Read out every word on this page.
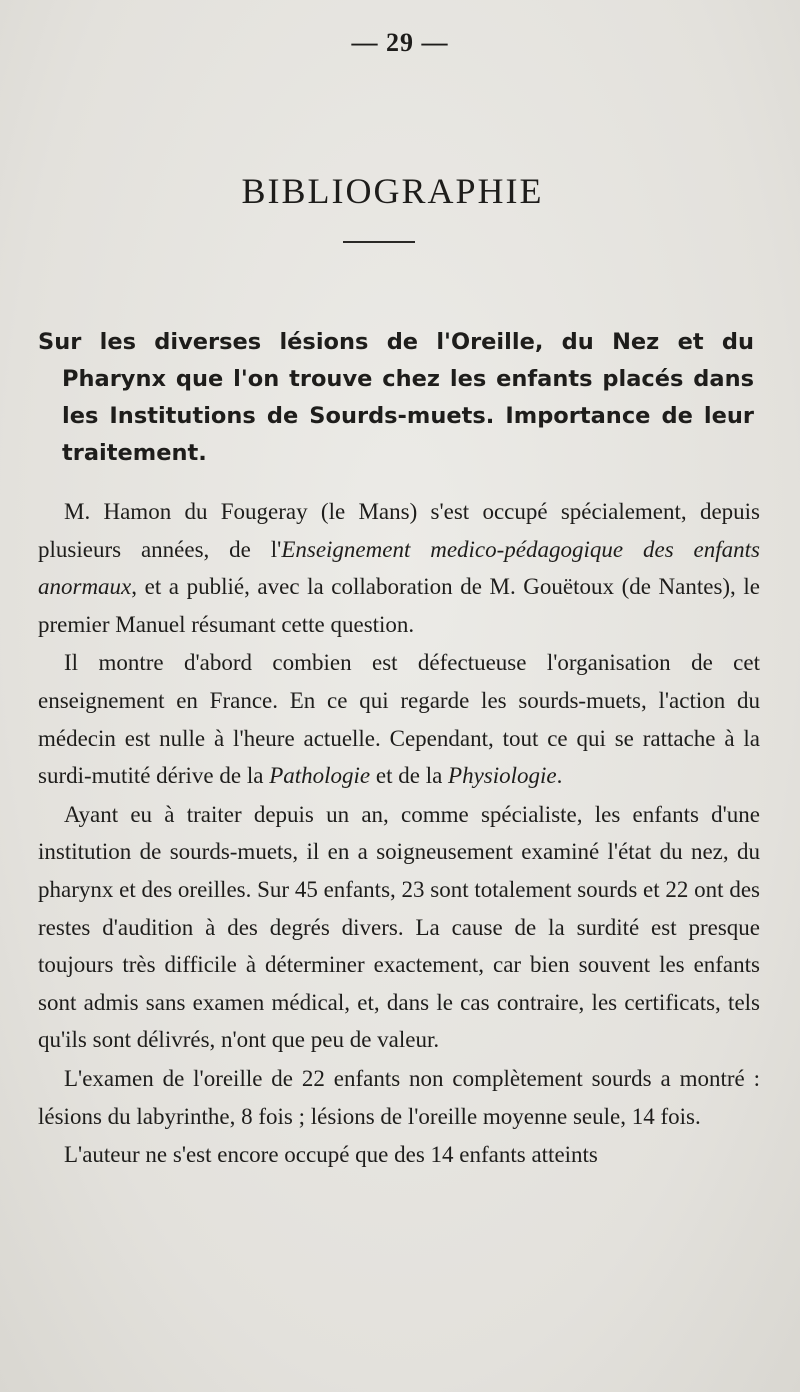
— 29 —
BIBLIOGRAPHIE
Sur les diverses lésions de l'Oreille, du Nez et du Pharynx que l'on trouve chez les enfants placés dans les Institutions de Sourds-muets. Importance de leur traitement.

M. Hamon du Fougeray (le Mans) s'est occupé spécialement, depuis plusieurs années, de l'Enseignement medico-pédagogique des enfants anormaux, et a publié, avec la collaboration de M. Gouëtoux (de Nantes), le premier Manuel résumant cette question.

Il montre d'abord combien est défectueuse l'organisation de cet enseignement en France. En ce qui regarde les sourds-muets, l'action du médecin est nulle à l'heure actuelle. Cependant, tout ce qui se rattache à la surdi-mutité dérive de la Pathologie et de la Physiologie.

Ayant eu à traiter depuis un an, comme spécialiste, les enfants d'une institution de sourds-muets, il en a soigneusement examiné l'état du nez, du pharynx et des oreilles. Sur 45 enfants, 23 sont totalement sourds et 22 ont des restes d'audition à des degrés divers. La cause de la surdité est presque toujours très difficile à déterminer exactement, car bien souvent les enfants sont admis sans examen médical, et, dans le cas contraire, les certificats, tels qu'ils sont délivrés, n'ont que peu de valeur.

L'examen de l'oreille de 22 enfants non complètement sourds a montré : lésions du labyrinthe, 8 fois ; lésions de l'oreille moyenne seule, 14 fois.

L'auteur ne s'est encore occupé que des 14 enfants atteints
